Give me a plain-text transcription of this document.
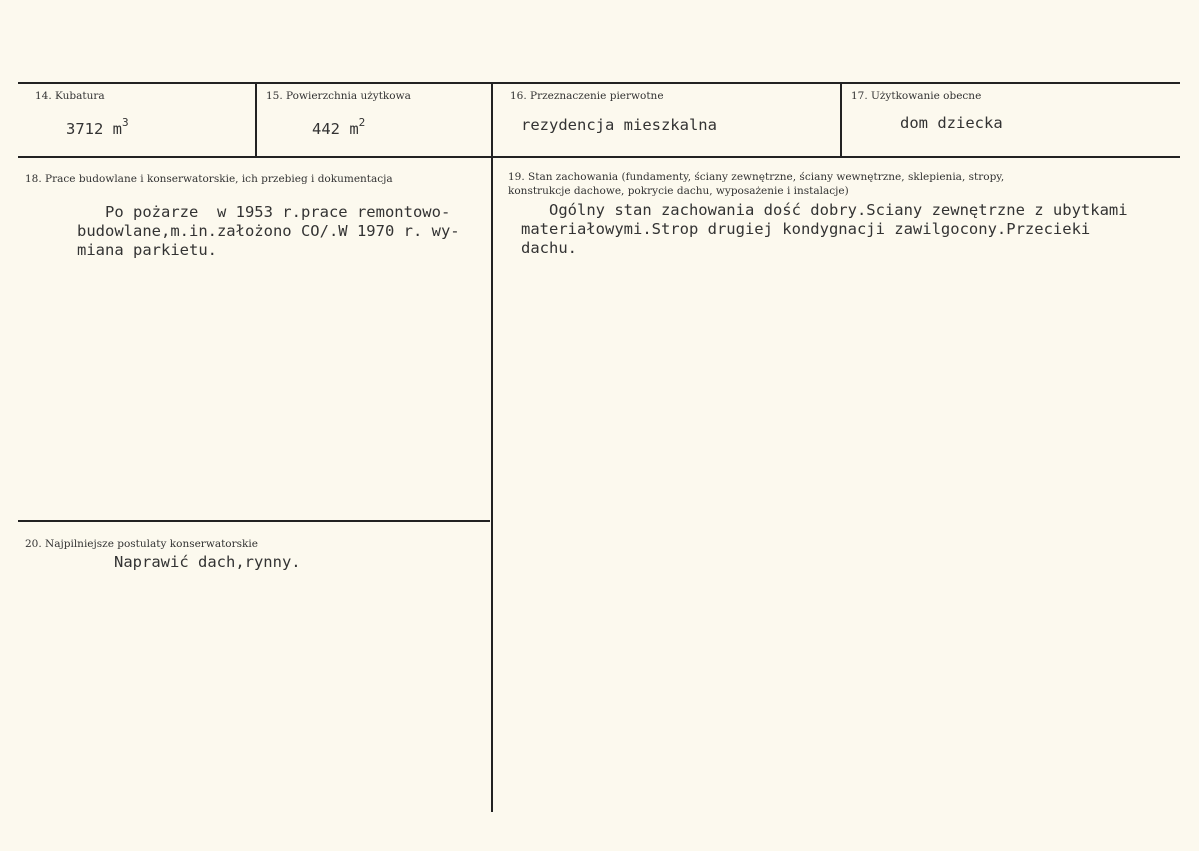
14. Kubatura
3712 $m^3$
15. Powierzchnia użytkowa
442 $m^2$
16. Przeznaczenie pierwotne
rezydencja mieszkalna
17. Użytkowanie obecne
dom dziecka
18. Prace budowlane i konserwatorskie, ich przebieg i dokumentacja
Po pożarze  w 1953 r.prace remontowo-
budowlane,m.in.założono CO/.W 1970 r. wy-
miana parkietu.
19. Stan zachowania (fundamenty, ściany zewnętrzne, ściany wewnętrzne, sklepienia, stropy,
konstrukcje dachowe, pokrycie dachu, wyposażenie i instalacje)
Ogólny stan zachowania dość dobry.Sciany zewnętrzne z ubytkami
materiałowymi.Strop drugiej kondygnacji zawilgocony.Przecieki
dachu.
20. Najpilniejsze postulaty konserwatorskie
Naprawić dach,rynny.
